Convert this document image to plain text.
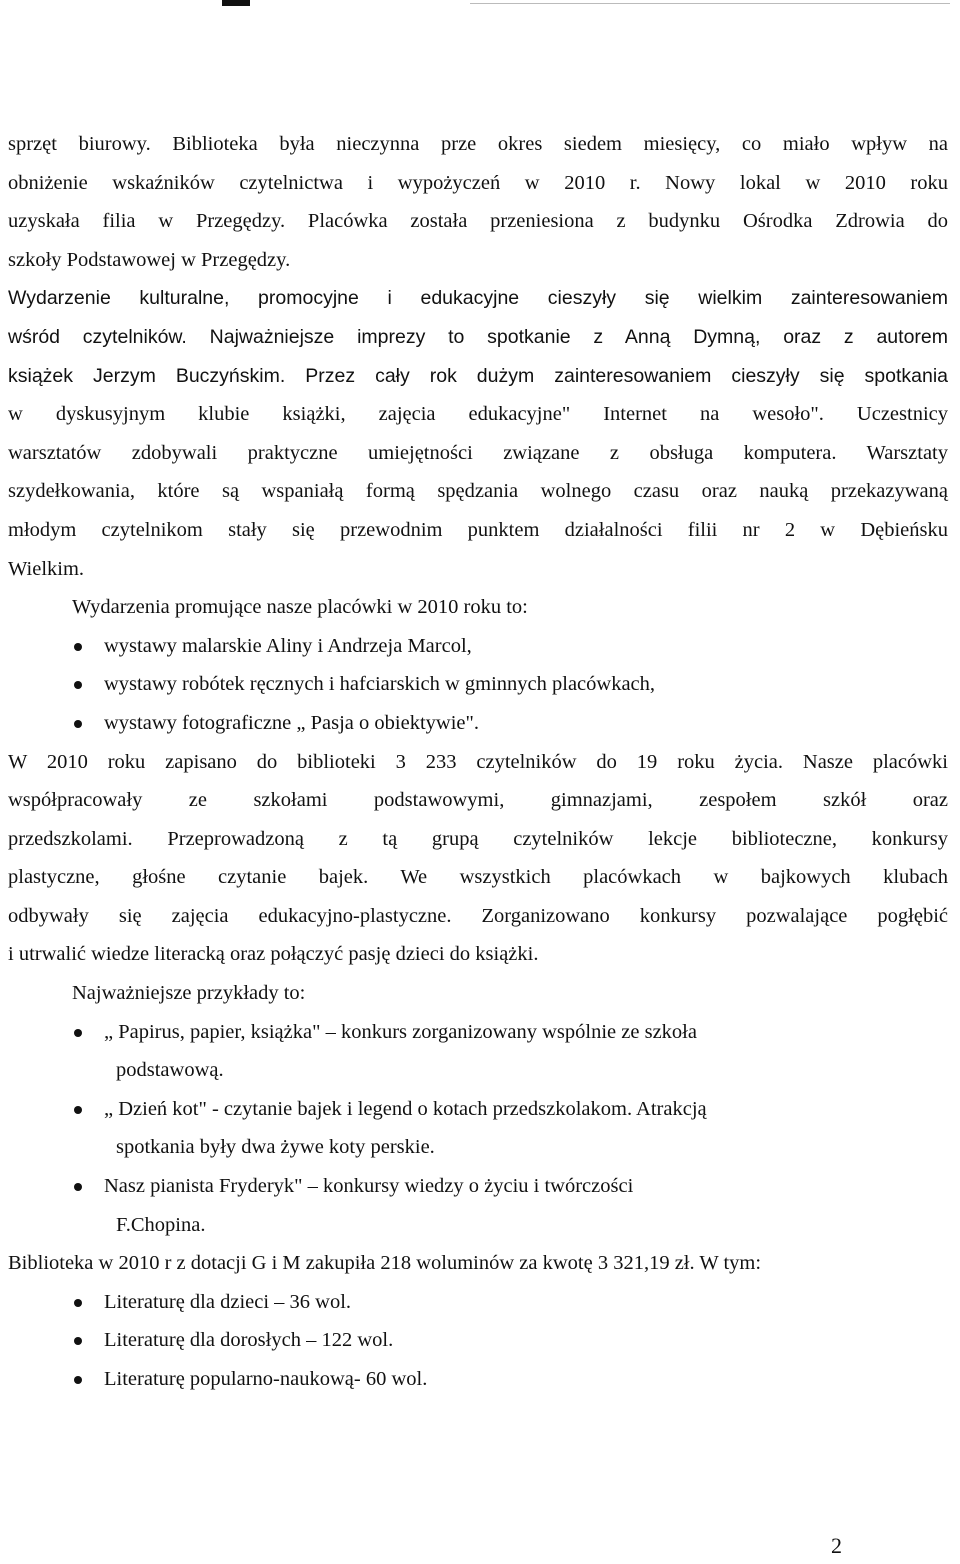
sprzęt biurowy. Biblioteka była nieczynna prze okres siedem miesięcy, co miało wpływ na
obniżenie wskaźników czytelnictwa i wypożyczeń w 2010 r. Nowy lokal w 2010 roku
uzyskała filia w Przegędzy. Placówka została przeniesiona z budynku Ośrodka Zdrowia do
szkoły Podstawowej w Przegędzy.
Wydarzenie kulturalne, promocyjne i edukacyjne cieszyły się wielkim zainteresowaniem
wśród czytelników. Najważniejsze imprezy to spotkanie z Anną Dymną, oraz z autorem
książek Jerzym Buczyńskim. Przez cały rok dużym zainteresowaniem cieszyły się spotkania
w dyskusyjnym klubie książki, zajęcia edukacyjne" Internet na wesoło". Uczestnicy
warsztatów zdobywali praktyczne umiejętności związane z obsługa komputera. Warsztaty
szydełkowania, które są wspaniałą formą spędzania wolnego czasu oraz nauką przekazywaną
młodym czytelnikom stały się przewodnim punktem działalności filii nr 2 w Dębieńsku
Wielkim.
Wydarzenia promujące nasze placówki w 2010 roku to:
wystawy malarskie Aliny i Andrzeja Marcol,
wystawy robótek ręcznych i hafciarskich w gminnych placówkach,
wystawy fotograficzne „ Pasja o obiektywie".
W 2010 roku zapisano do biblioteki 3 233 czytelników do 19 roku życia. Nasze placówki
współpracowały ze szkołami podstawowymi, gimnazjami, zespołem szkół oraz
przedszkolami. Przeprowadzoną z tą grupą czytelników lekcje biblioteczne, konkursy
plastyczne, głośne czytanie bajek. We wszystkich placówkach w bajkowych klubach
odbywały się zajęcia edukacyjno-plastyczne. Zorganizowano konkursy pozwalające pogłębić
i utrwalić wiedze literacką oraz połączyć pasję dzieci do książki.
Najważniejsze przykłady to:
„ Papirus, papier, książka" – konkurs zorganizowany wspólnie ze szkoła
podstawową.
„ Dzień kot" - czytanie bajek i legend o kotach przedszkolakom. Atrakcją
spotkania były dwa żywe koty perskie.
Nasz pianista Fryderyk" – konkursy wiedzy o życiu i twórczości
F.Chopina.
Biblioteka w 2010 r z dotacji G i M zakupiła 218 woluminów za kwotę 3 321,19 zł. W tym:
Literaturę dla dzieci – 36 wol.
Literaturę dla dorosłych – 122 wol.
Literaturę popularno-naukową- 60 wol.
2
